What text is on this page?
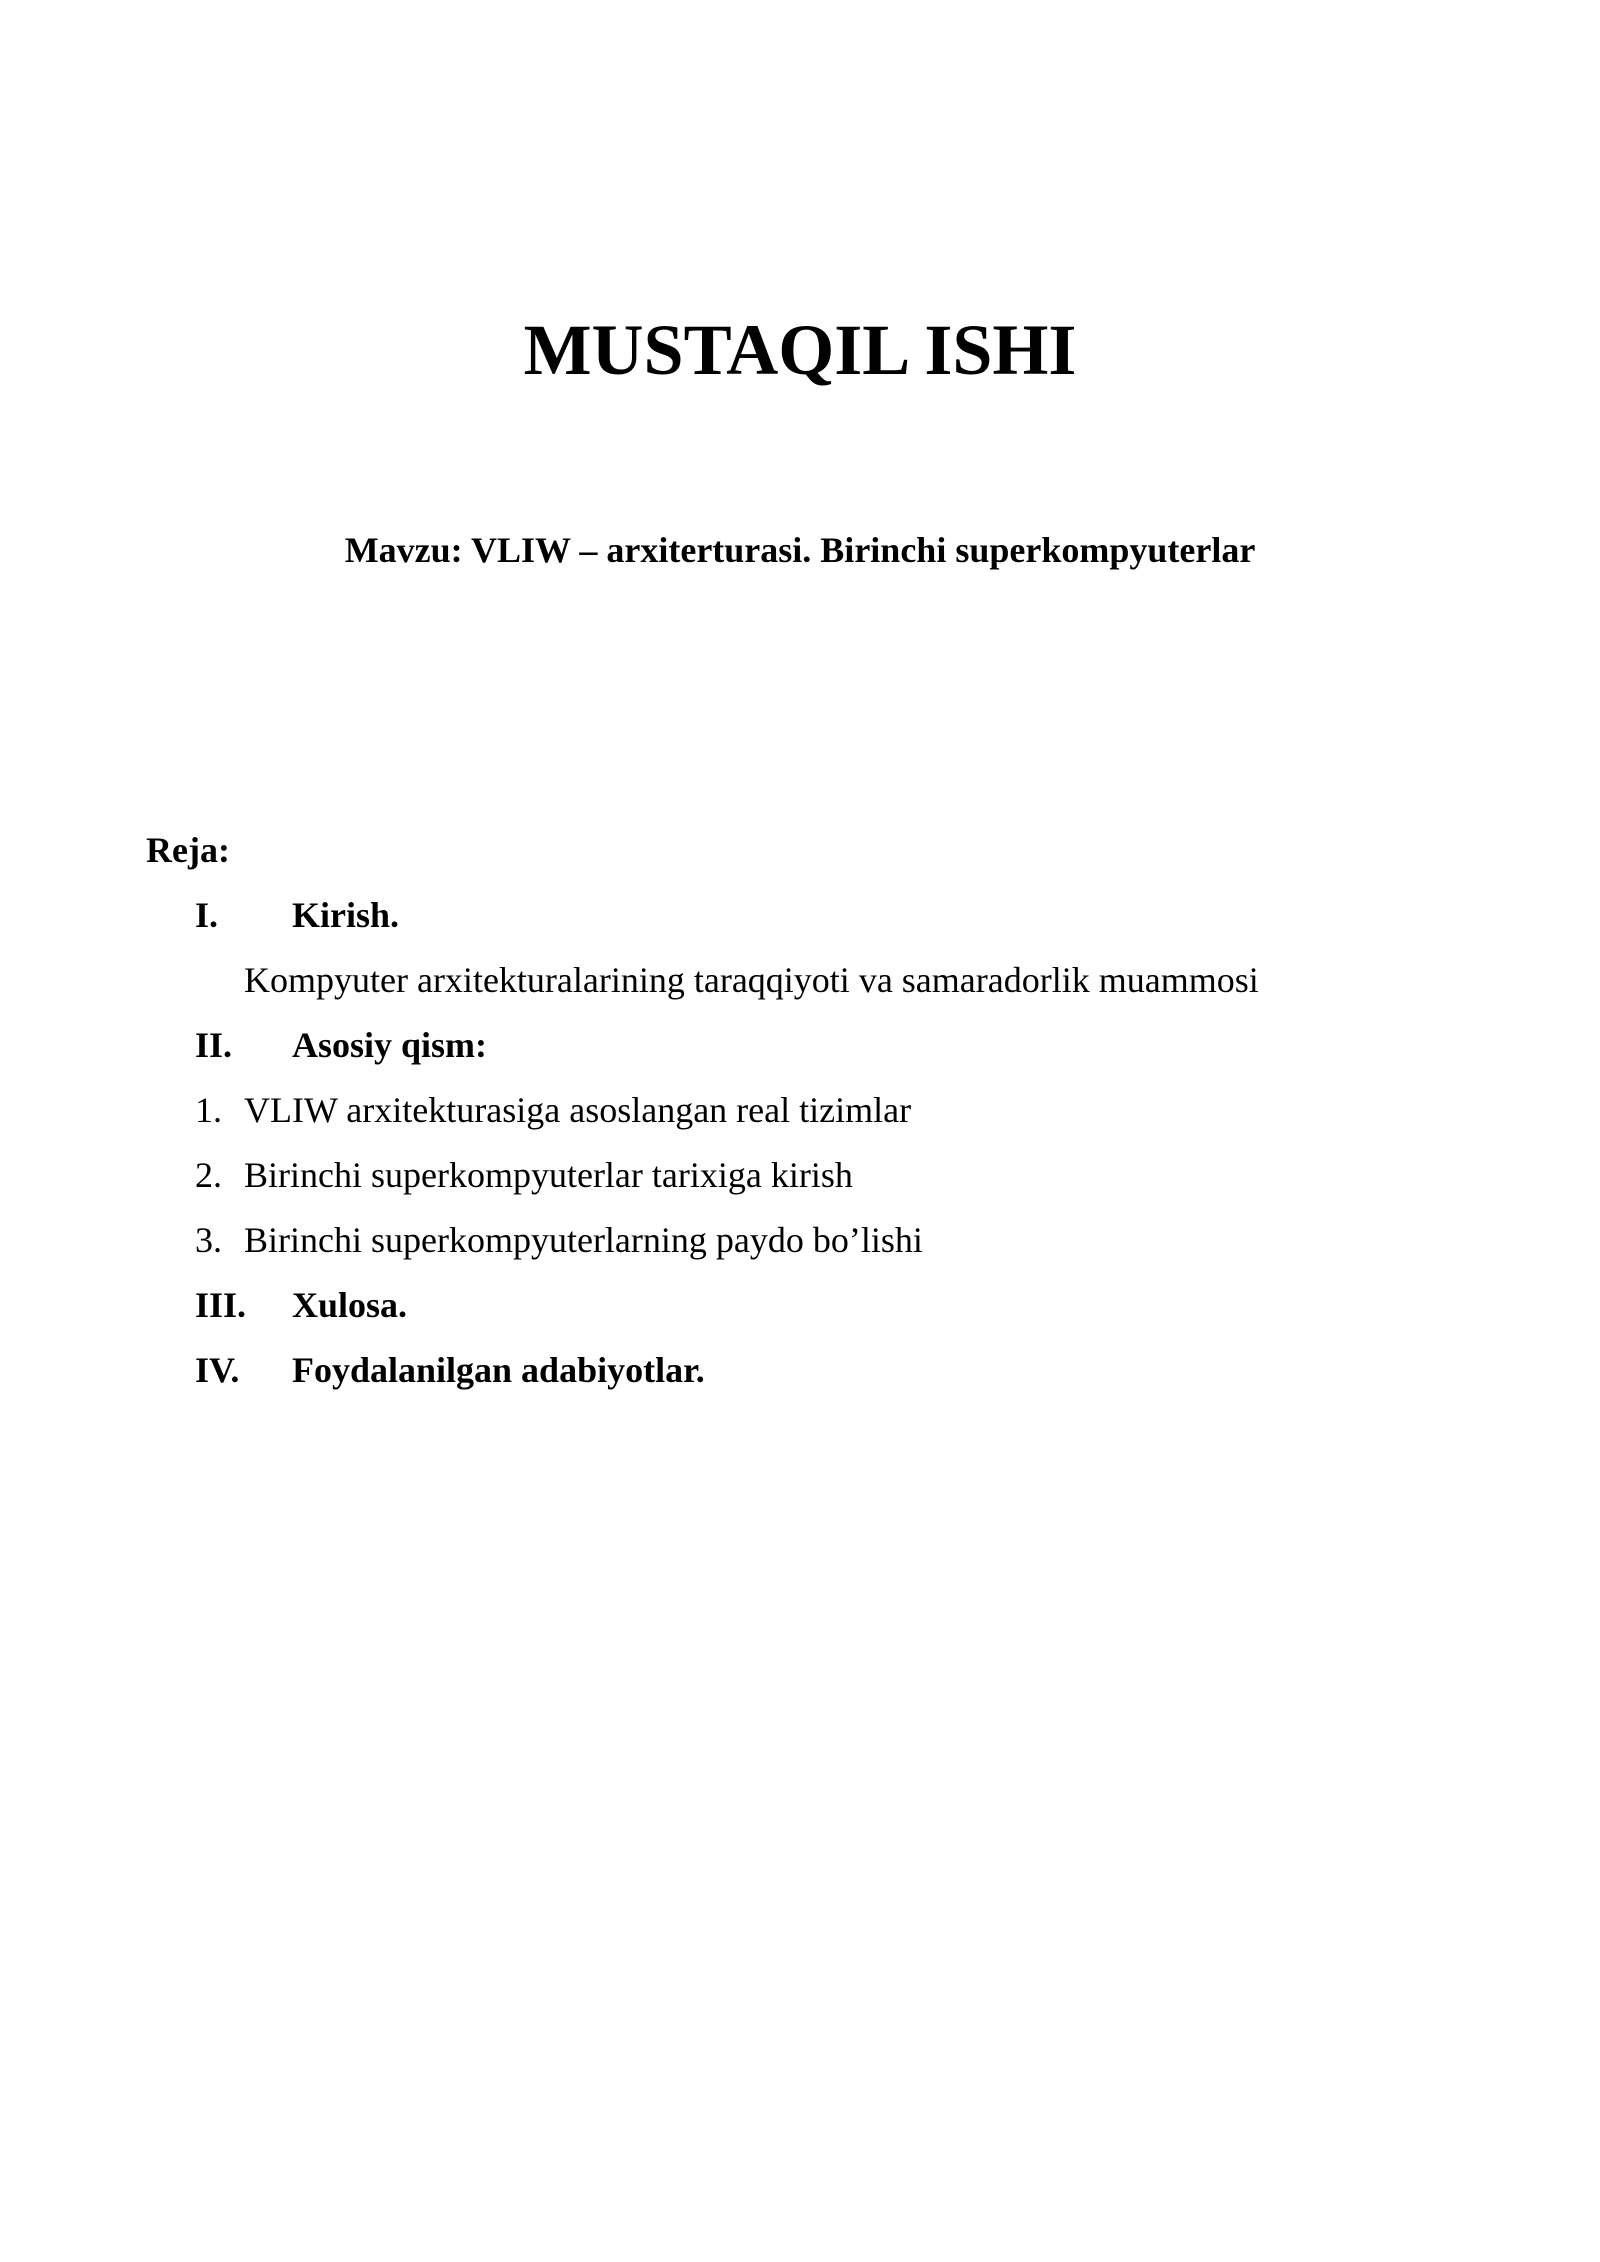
MUSTAQIL ISHI

Mavzu: VLIW – arxiterturasi. Birinchi superkompyuterlar

Reja:

I. Kirish.
Kompyuter arxitekturalarining taraqqiyoti va samaradorlik muammosi
II. Asosiy qism:
1. VLIW arxitekturasiga asoslangan real tizimlar
2. Birinchi superkompyuterlar tarixiga kirish
3. Birinchi superkompyuterlarning paydo bo’lishi
III. Xulosa.
IV. Foydalanilgan adabiyotlar.
